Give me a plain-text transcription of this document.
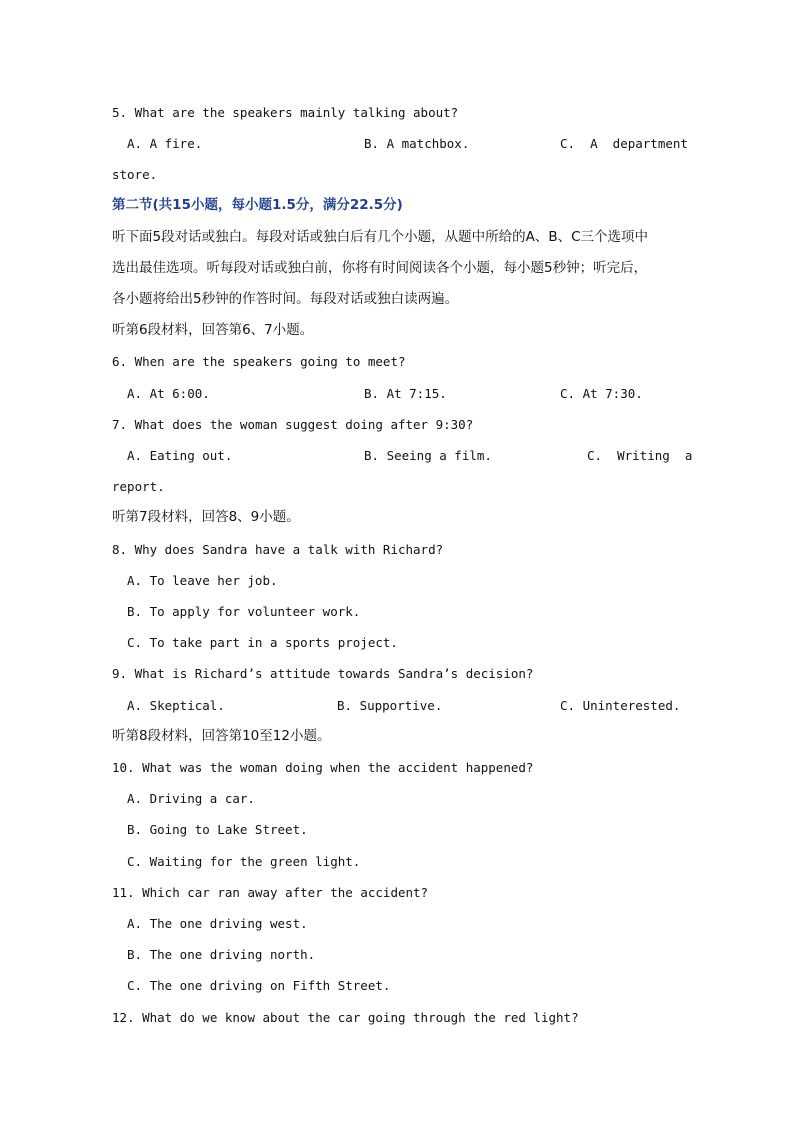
5. What are the speakers mainly talking about?
A. A fire.	B. A matchbox.	C.  A  department
store.
第二节(共15小题，每小题1.5分，满分22.5分)
听下面5段对话或独白。每段对话或独白后有几个小题，从题中所给的A、B、C三个选项中
选出最佳选项。听每段对话或独白前，你将有时间阅读各个小题，每小题5秒钟；听完后，
各小题将给出5秒钟的作答时间。每段对话或独白读两遍。
听第6段材料，回答第6、7小题。
6. When are the speakers going to meet?
A. At 6:00.	B. At 7:15.	C. At 7:30.
7. What does the woman suggest doing after 9:30?
A. Eating out.	B. Seeing a film.	C.  Writing  a
report.
听第7段材料，回答8、9小题。
8. Why does Sandra have a talk with Richard?
A. To leave her job.
B. To apply for volunteer work.
C. To take part in a sports project.
9. What is Richard’s attitude towards Sandra’s decision?
A. Skeptical.	B. Supportive.	C. Uninterested.
听第8段材料，回答第10至12小题。
10. What was the woman doing when the accident happened?
A. Driving a car.
B. Going to Lake Street.
C. Waiting for the green light.
11. Which car ran away after the accident?
A. The one driving west.
B. The one driving north.
C. The one driving on Fifth Street.
12. What do we know about the car going through the red light?
